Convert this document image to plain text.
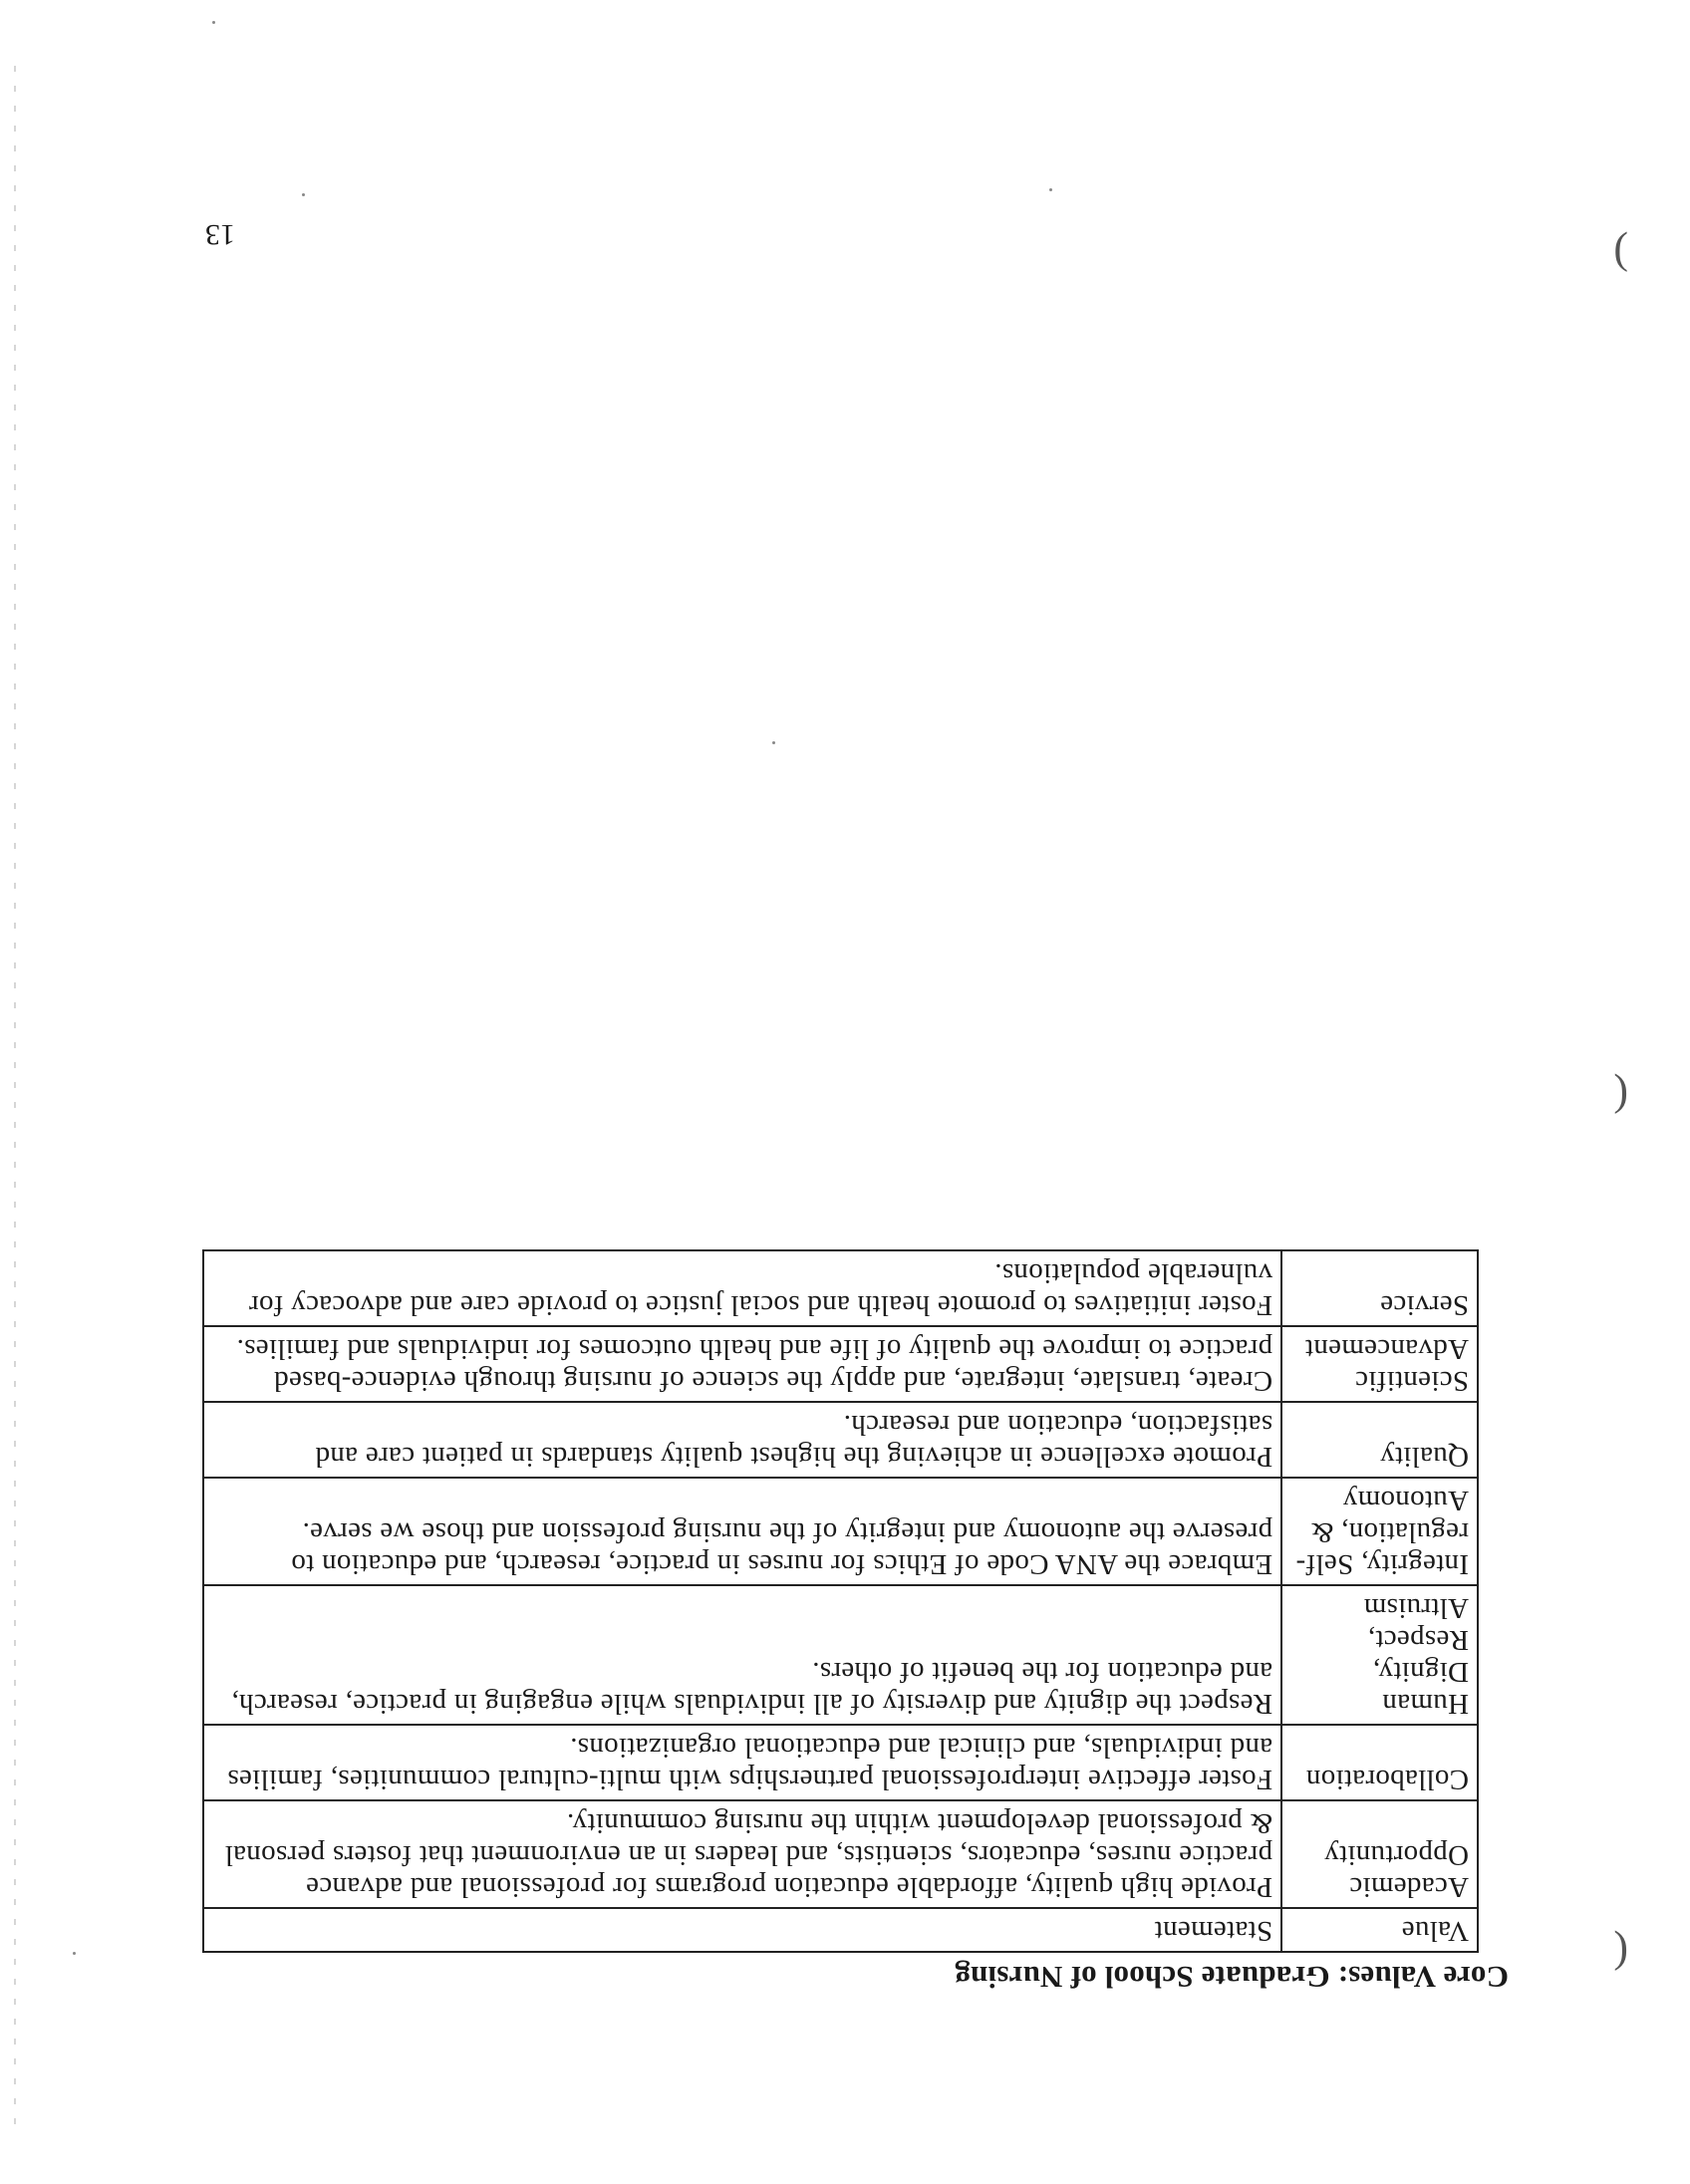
(
(
)
Core Values: Graduate School of Nursing
Value	Statement
Academic Opportunity	Provide high quality, affordable education programs for professional and advance practice nurses, educators, scientists, and leaders in an environment that fosters personal & professional development within the nursing community.
Collaboration	Foster effective interprofessional partnerships with multi-cultural communities, families and individuals, and clinical and educational organizations.
Human Dignity, Respect, Altruism	Respect the dignity and diversity of all individuals while engaging in practice, research, and education for the benefit of others.
Integrity, Self-regulation, & Autonomy	Embrace the ANA Code of Ethics for nurses in practice, research, and education to preserve the autonomy and integrity of the nursing profession and those we serve.
Quality	Promote excellence in achieving the highest quality standards in patient care and satisfaction, education and research.
Scientific Advancement	Create, translate, integrate, and apply the science of nursing through evidence-based practice to improve the quality of life and health outcomes for individuals and families.
Service	Foster initiatives to promote health and social justice to provide care and advocacy for vulnerable populations.
13
